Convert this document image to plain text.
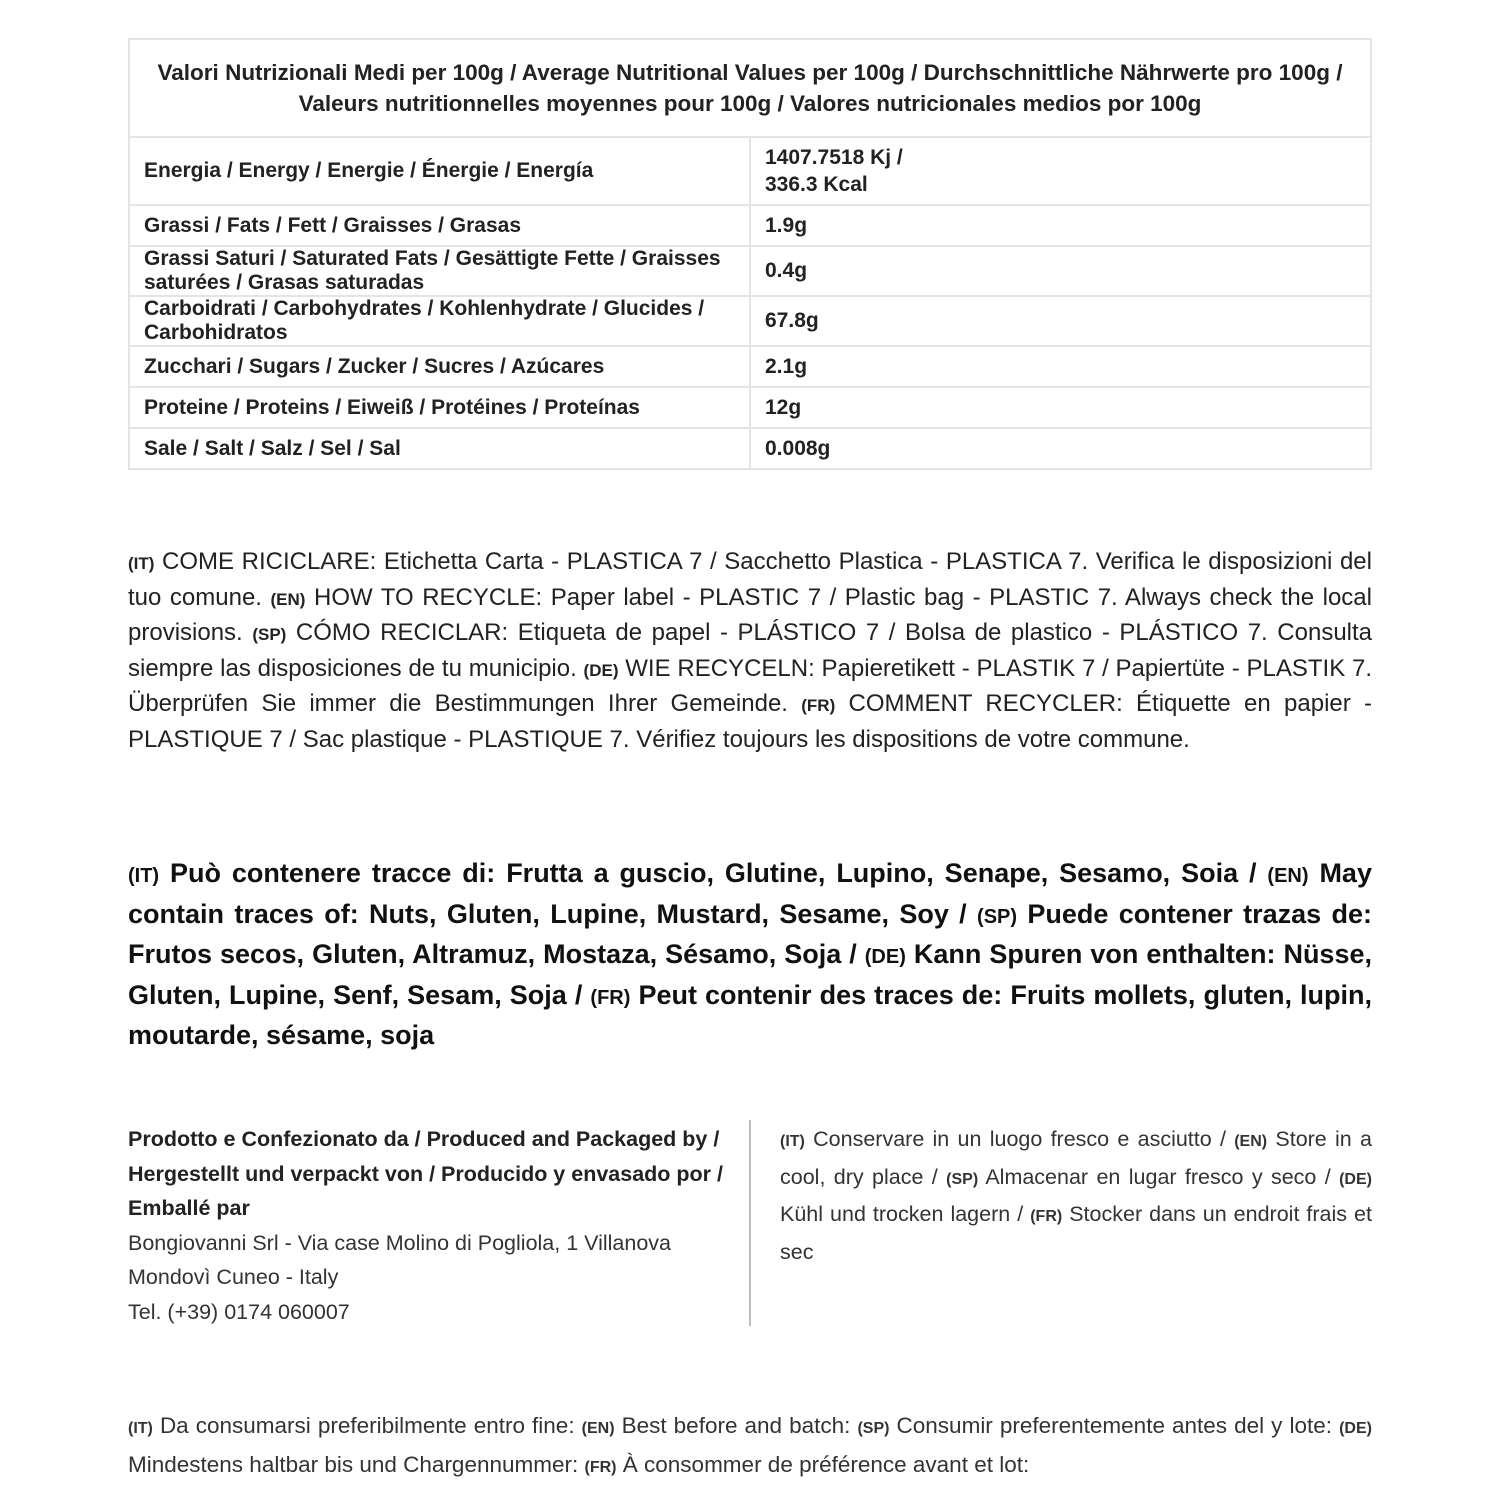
Valori Nutrizionali Medi per 100g / Average Nutritional Values per 100g / Durchschnittliche Nährwerte pro 100g / Valeurs nutritionnelles moyennes pour 100g / Valores nutricionales medios por 100g	
Energia / Energy / Energie / Énergie / Energía	1407.7518 Kj /
336.3 Kcal

Grassi / Fats / Fett / Graisses / Grasas	1.9g
Grassi Saturi / Saturated Fats / Gesättigte Fette / Graisses saturées / Grasas saturadas	0.4g
Carboidrati / Carbohydrates / Kohlenhydrate / Glucides / Carbohidratos	67.8g
Zucchari / Sugars / Zucker / Sucres / Azúcares	2.1g
Proteine / Proteins / Eiweiß / Protéines / Proteínas	12g
Sale / Salt / Salz / Sel / Sal	0.008g
(IT) COME RICICLARE: Etichetta Carta - PLASTICA 7 / Sacchetto Plastica - PLASTICA 7. Verifica le disposizioni del tuo comune. (EN) HOW TO RECYCLE: Paper label - PLASTIC 7 / Plastic bag - PLASTIC 7. Always check the local provisions. (SP) CÓMO RECICLAR: Etiqueta de papel - PLÁSTICO 7 / Bolsa de plastico - PLÁSTICO 7. Consulta siempre las disposiciones de tu municipio. (DE) WIE RECYCELN: Papieretikett - PLASTIK 7 / Papiertüte - PLASTIK 7. Überprüfen Sie immer die Bestimmungen Ihrer Gemeinde. (FR) COMMENT RECYCLER: Étiquette en papier - PLASTIQUE 7 / Sac plastique - PLASTIQUE 7. Vérifiez toujours les dispositions de votre commune.
(IT) Può contenere tracce di: Frutta a guscio, Glutine, Lupino, Senape, Sesamo, Soia / (EN) May contain traces of: Nuts, Gluten, Lupine, Mustard, Sesame, Soy / (SP) Puede contener trazas de: Frutos secos, Gluten, Altramuz, Mostaza, Sésamo, Soja / (DE) Kann Spuren von enthalten: Nüsse, Gluten, Lupine, Senf, Sesam, Soja / (FR) Peut contenir des traces de: Fruits mollets, gluten, lupin, moutarde, sésame, soja
Prodotto e Confezionato da / Produced and Packaged by / Hergestellt und verpackt von / Producido y envasado por / Emballé par
Bongiovanni Srl - Via case Molino di Pogliola, 1 Villanova
Mondovì Cuneo - Italy
Tel. (+39) 0174 060007
(IT) Conservare in un luogo fresco e asciutto / (EN) Store in a cool, dry place / (SP) Almacenar en lugar fresco y seco / (DE) Kühl und trocken lagern / (FR) Stocker dans un endroit frais et sec
(IT) Da consumarsi preferibilmente entro fine: (EN) Best before and batch: (SP) Consumir preferentemente antes del y lote: (DE) Mindestens haltbar bis und Chargennummer: (FR) À consommer de préférence avant et lot:
